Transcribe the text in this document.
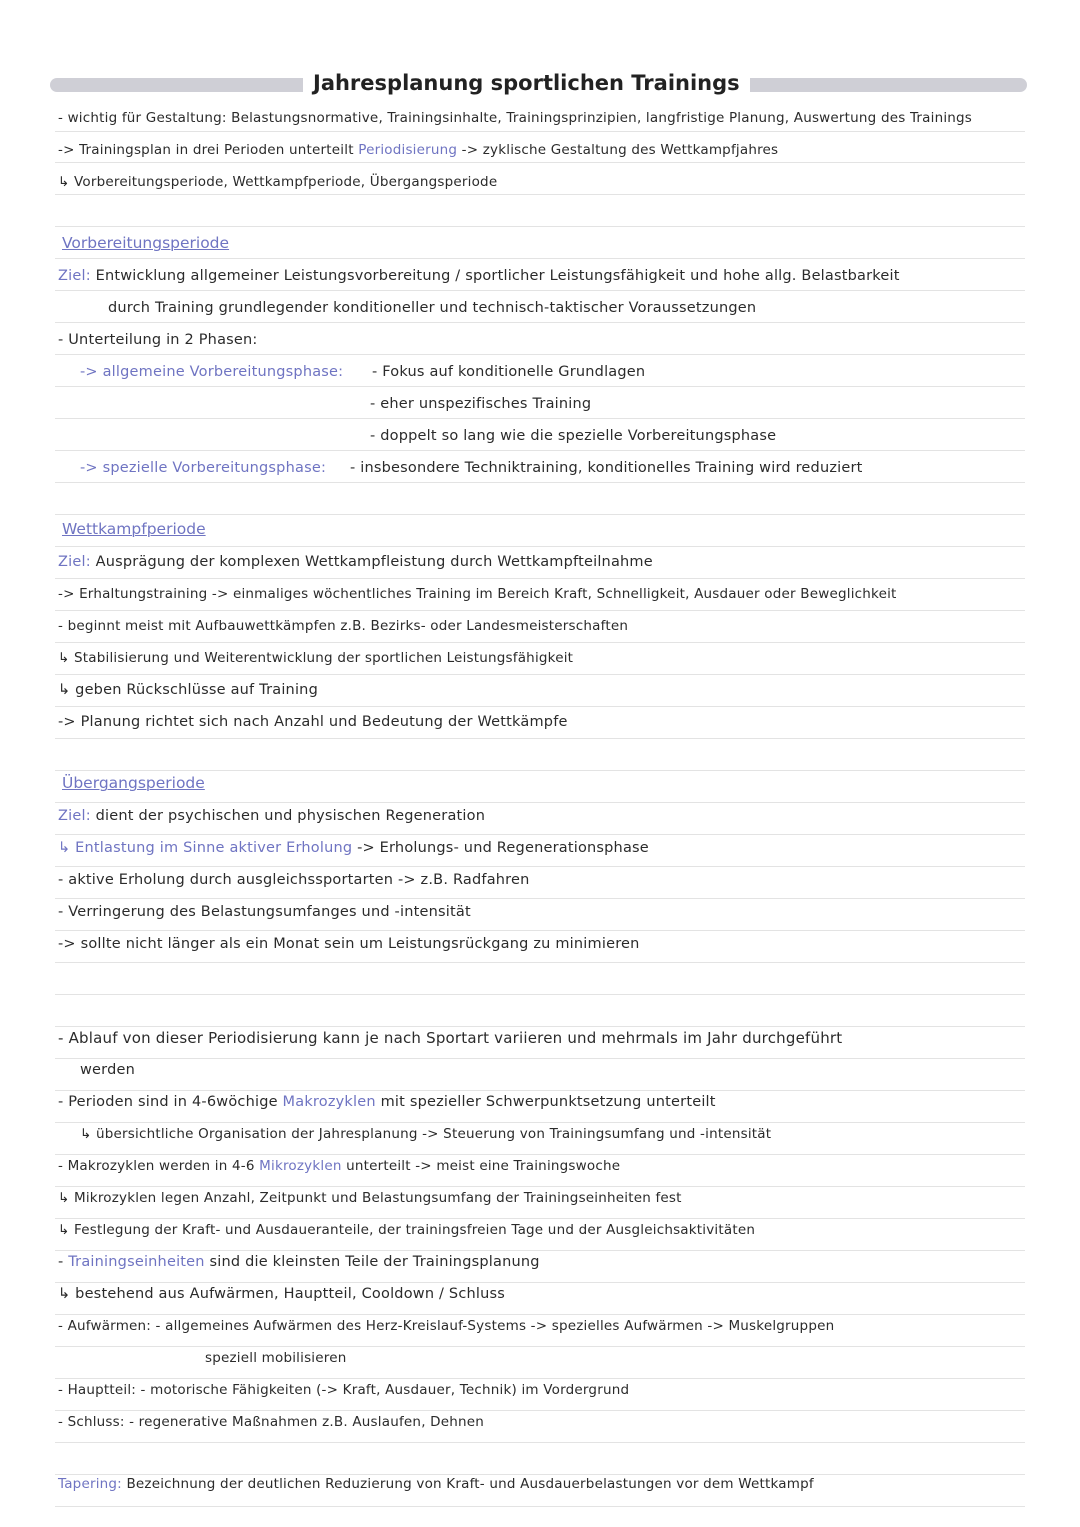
Jahresplanung sportlichen Trainings
- wichtig für Gestaltung: Belastungsnormative, Trainingsinhalte, Trainingsprinzipien, langfristige Planung, Auswertung des Trainings
-> Trainingsplan in drei Perioden unterteilt Periodisierung -> zyklische Gestaltung des Wettkampfjahres
↳ Vorbereitungsperiode, Wettkampfperiode, Übergangsperiode
Vorbereitungsperiode
Ziel: Entwicklung allgemeiner Leistungsvorbereitung / sportlicher Leistungsfähigkeit und hohe allg. Belastbarkeit
durch Training grundlegender konditioneller und technisch-taktischer Voraussetzungen
- Unterteilung in 2 Phasen:
-> allgemeine Vorbereitungsphase: - Fokus auf konditionelle Grundlagen
- eher unspezifisches Training
- doppelt so lang wie die spezielle Vorbereitungsphase
-> spezielle Vorbereitungsphase: - insbesondere Techniktraining, konditionelles Training wird reduziert
Wettkampfperiode
Ziel: Ausprägung der komplexen Wettkampfleistung durch Wettkampfteilnahme
-> Erhaltungstraining -> einmaliges wöchentliches Training im Bereich Kraft, Schnelligkeit, Ausdauer oder Beweglichkeit
- beginnt meist mit Aufbauwettkämpfen z.B. Bezirks- oder Landesmeisterschaften
↳ Stabilisierung und Weiterentwicklung der sportlichen Leistungsfähigkeit
↳ geben Rückschlüsse auf Training
-> Planung richtet sich nach Anzahl und Bedeutung der Wettkämpfe
Übergangsperiode
Ziel: dient der psychischen und physischen Regeneration
↳ Entlastung im Sinne aktiver Erholung -> Erholungs- und Regenerationsphase
- aktive Erholung durch ausgleichssportarten -> z.B. Radfahren
- Verringerung des Belastungsumfanges und -intensität
-> sollte nicht länger als ein Monat sein um Leistungsrückgang zu minimieren
- Ablauf von dieser Periodisierung kann je nach Sportart variieren und mehrmals im Jahr durchgeführt
werden
- Perioden sind in 4-6wöchige Makrozyklen mit spezieller Schwerpunktsetzung unterteilt
↳ übersichtliche Organisation der Jahresplanung -> Steuerung von Trainingsumfang und -intensität
- Makrozyklen werden in 4-6 Mikrozyklen unterteilt -> meist eine Trainingswoche
↳ Mikrozyklen legen Anzahl, Zeitpunkt und Belastungsumfang der Trainingseinheiten fest
↳ Festlegung der Kraft- und Ausdaueranteile, der trainingsfreien Tage und der Ausgleichsaktivitäten
- Trainingseinheiten sind die kleinsten Teile der Trainingsplanung
↳ bestehend aus Aufwärmen, Hauptteil, Cooldown / Schluss
- Aufwärmen: - allgemeines Aufwärmen des Herz-Kreislauf-Systems -> spezielles Aufwärmen -> Muskelgruppen
speziell mobilisieren
- Hauptteil: - motorische Fähigkeiten (-> Kraft, Ausdauer, Technik) im Vordergrund
- Schluss: - regenerative Maßnahmen z.B. Auslaufen, Dehnen
Tapering: Bezeichnung der deutlichen Reduzierung von Kraft- und Ausdauerbelastungen vor dem Wettkampf
